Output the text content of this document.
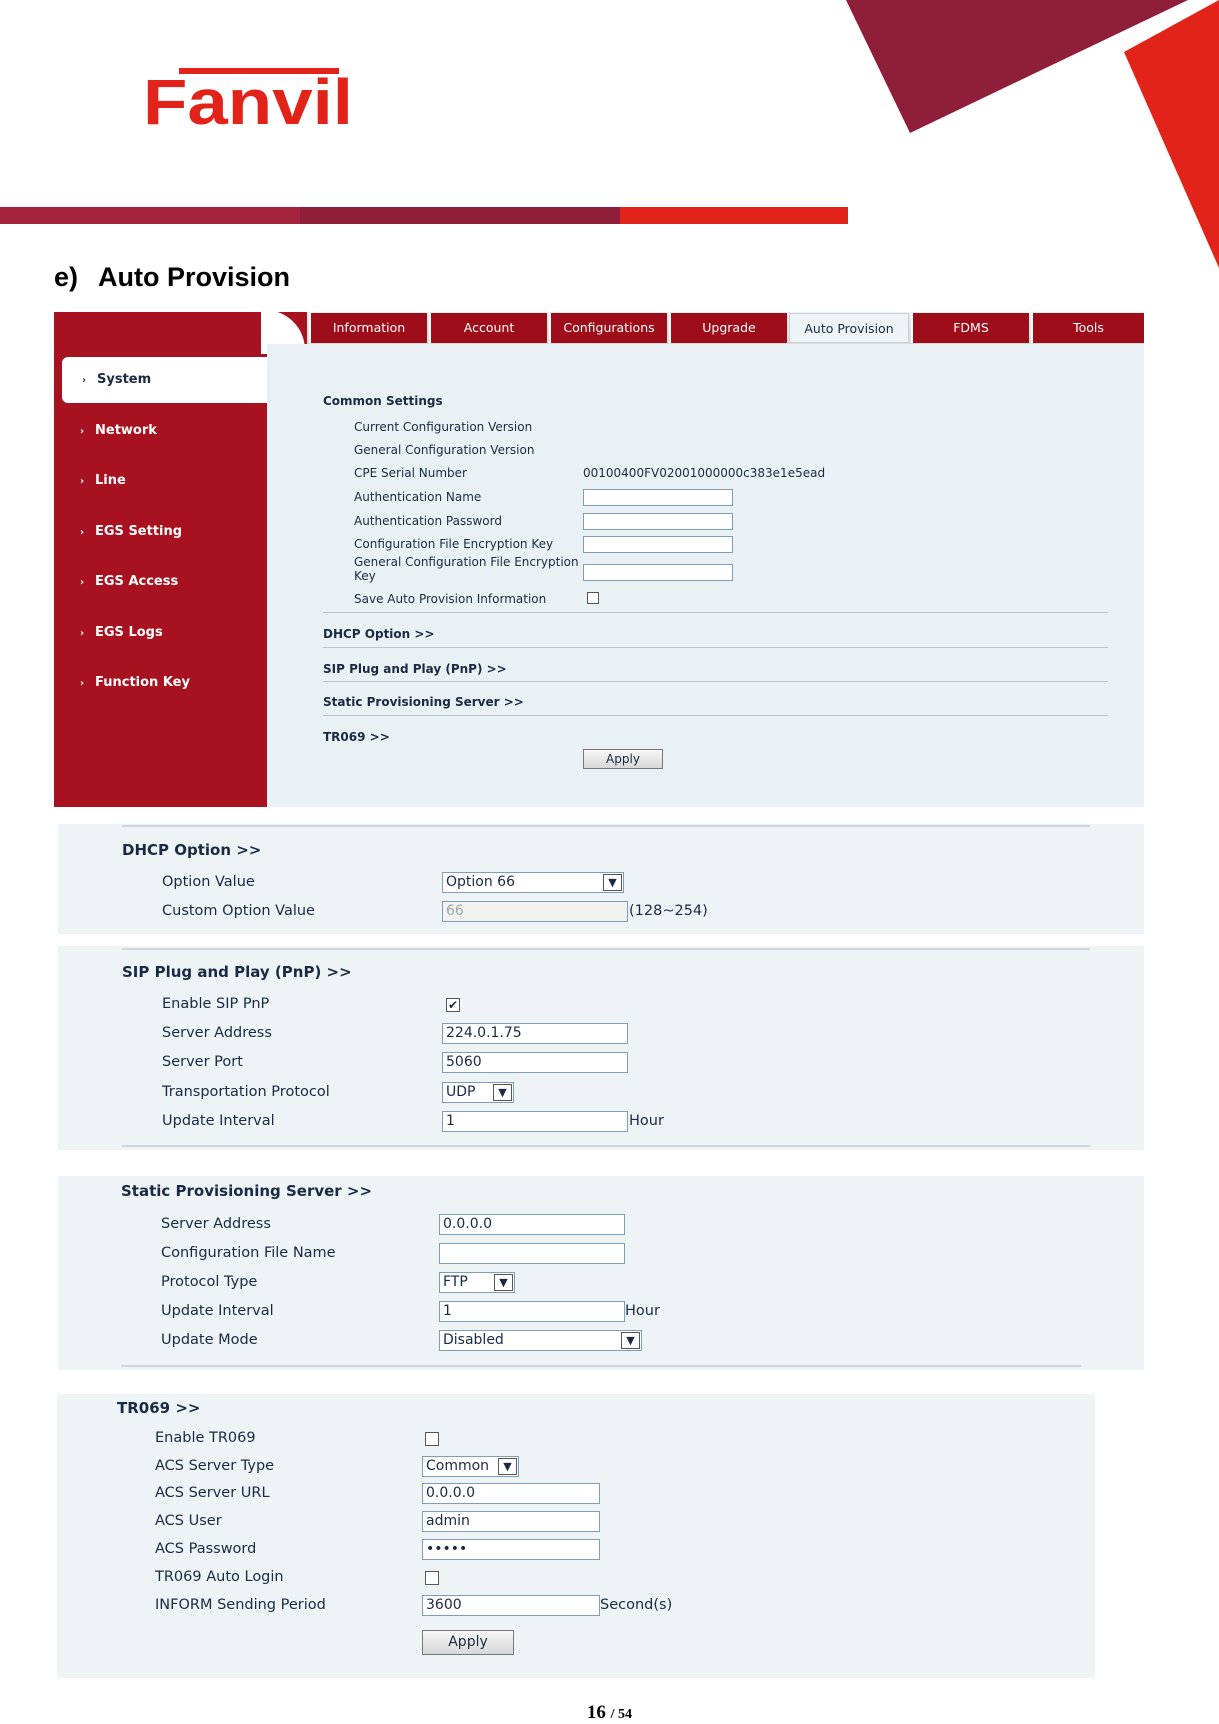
Fanvil
e) Auto Provision
› System
› Network
› Line
› EGS Setting
› EGS Access
› EGS Logs
› Function Key
Information	Account	Configurations	Upgrade	Auto Provision	FDMS	Tools
Common Settings
Current Configuration Version
General Configuration Version
CPE Serial Number	00100400FV02001000000c383e1e5ead
Authentication Name
Authentication Password
Configuration File Encryption Key
General Configuration File Encryption Key
Save Auto Provision Information
DHCP Option >>
SIP Plug and Play (PnP) >>
Static Provisioning Server >>
TR069 >>
Apply
DHCP Option >>
Option Value	Option 66	▼
Custom Option Value	66	(128~254)
SIP Plug and Play (PnP) >>
Enable SIP PnP	✔
Server Address	224.0.1.75
Server Port	5060
Transportation Protocol	UDP	▼
Update Interval	1	Hour
Static Provisioning Server >>
Server Address	0.0.0.0
Configuration File Name
Protocol Type	FTP	▼
Update Interval	1	Hour
Update Mode	Disabled	▼
TR069 >>
Enable TR069
ACS Server Type	Common	▼
ACS Server URL	0.0.0.0
ACS User	admin
ACS Password	•••••
TR069 Auto Login
INFORM Sending Period	3600	Second(s)
Apply
16 / 54
